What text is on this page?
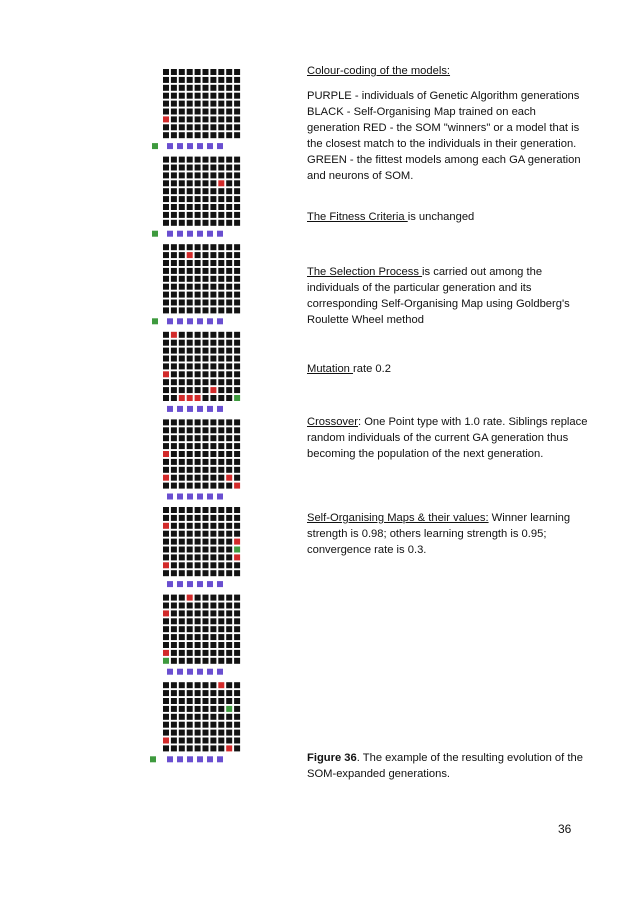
Colour-coding of the models:
PURPLE - individuals of Genetic Algorithm generations
BLACK - Self-Organising Map trained on each
generation RED - the SOM "winners" or a model that is
the closest match to the individuals in their generation.
GREEN - the fittest models among each GA generation
and neurons of SOM.
The Fitness Criteria is unchanged
The Selection Process is carried out among the
individuals of the particular generation and its
corresponding Self-Organising Map using Goldberg's
Roulette Wheel method
Mutation rate 0.2
Crossover: One Point type with 1.0 rate. Siblings replace
random individuals of the current GA generation thus
becoming the population of the next generation.
Self-Organising Maps & their values: Winner learning
strength is 0.98; others learning strength is 0.95;
convergence rate is 0.3.
Figure 36. The example of the resulting evolution of the
SOM-expanded generations.
36
